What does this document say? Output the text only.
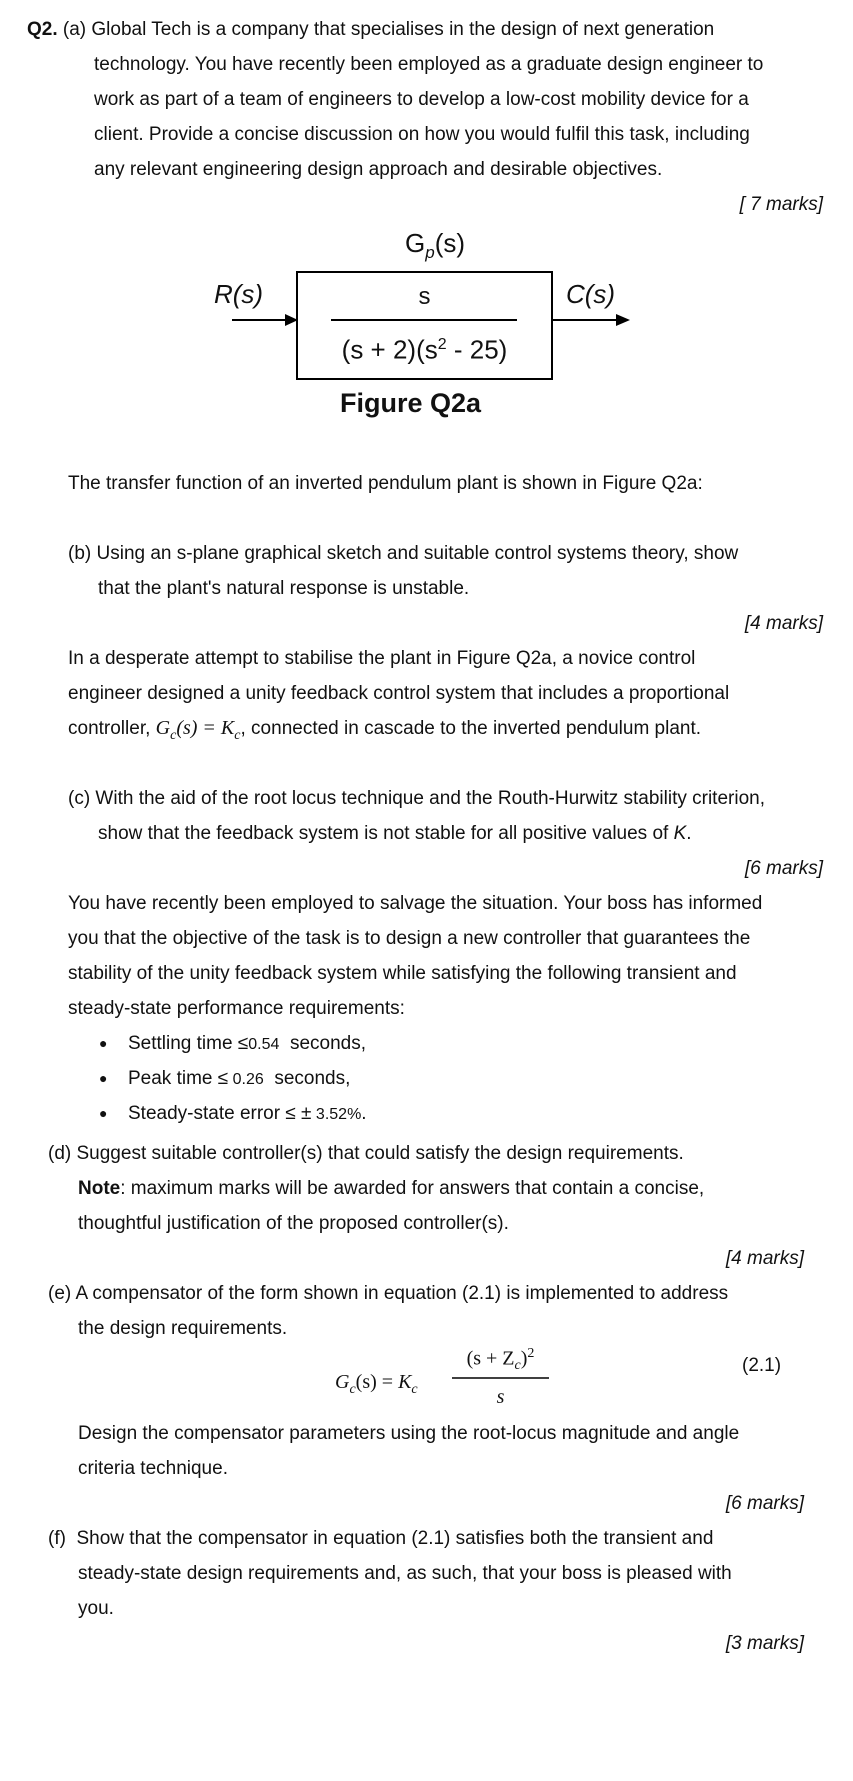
Q2. (a) Global Tech is a company that specialises in the design of next generation
technology. You have recently been employed as a graduate design engineer to
work as part of a team of engineers to develop a low-cost mobility device for a
client. Provide a concise discussion on how you would fulfil this task, including
any relevant engineering design approach and desirable objectives.
[ 7 marks]
$G_p(s)$
R(s)	C(s)
s
$(s + 2)(s^2 - 25)$
Figure Q2a
The transfer function of an inverted pendulum plant is shown in Figure Q2a:
(b) Using an s-plane graphical sketch and suitable control systems theory, show
that the plant's natural response is unstable.
[4 marks]
In a desperate attempt to stabilise the plant in Figure Q2a, a novice control
engineer designed a unity feedback control system that includes a proportional
controller, $G_c(s) = K_c$, connected in cascade to the inverted pendulum plant.
(c) With the aid of the root locus technique and the Routh-Hurwitz stability criterion,
show that the feedback system is not stable for all positive values of K.
[6 marks]
You have recently been employed to salvage the situation. Your boss has informed
you that the objective of the task is to design a new controller that guarantees the
stability of the unity feedback system while satisfying the following transient and
steady-state performance requirements:
● Settling time ≤0.54  seconds,
● Peak time ≤ 0.26  seconds,
● Steady-state error ≤ ± 3.52%.
(d) Suggest suitable controller(s) that could satisfy the design requirements.
Note: maximum marks will be awarded for answers that contain a concise,
thoughtful justification of the proposed controller(s).
[4 marks]
(e) A compensator of the form shown in equation (2.1) is implemented to address
the design requirements.
$G_c(s) = K_c$
$(s + Z_c)^2$
s
(2.1)
Design the compensator parameters using the root-locus magnitude and angle
criteria technique.
[6 marks]
(f)  Show that the compensator in equation (2.1) satisfies both the transient and
steady-state design requirements and, as such, that your boss is pleased with
you.
[3 marks]
